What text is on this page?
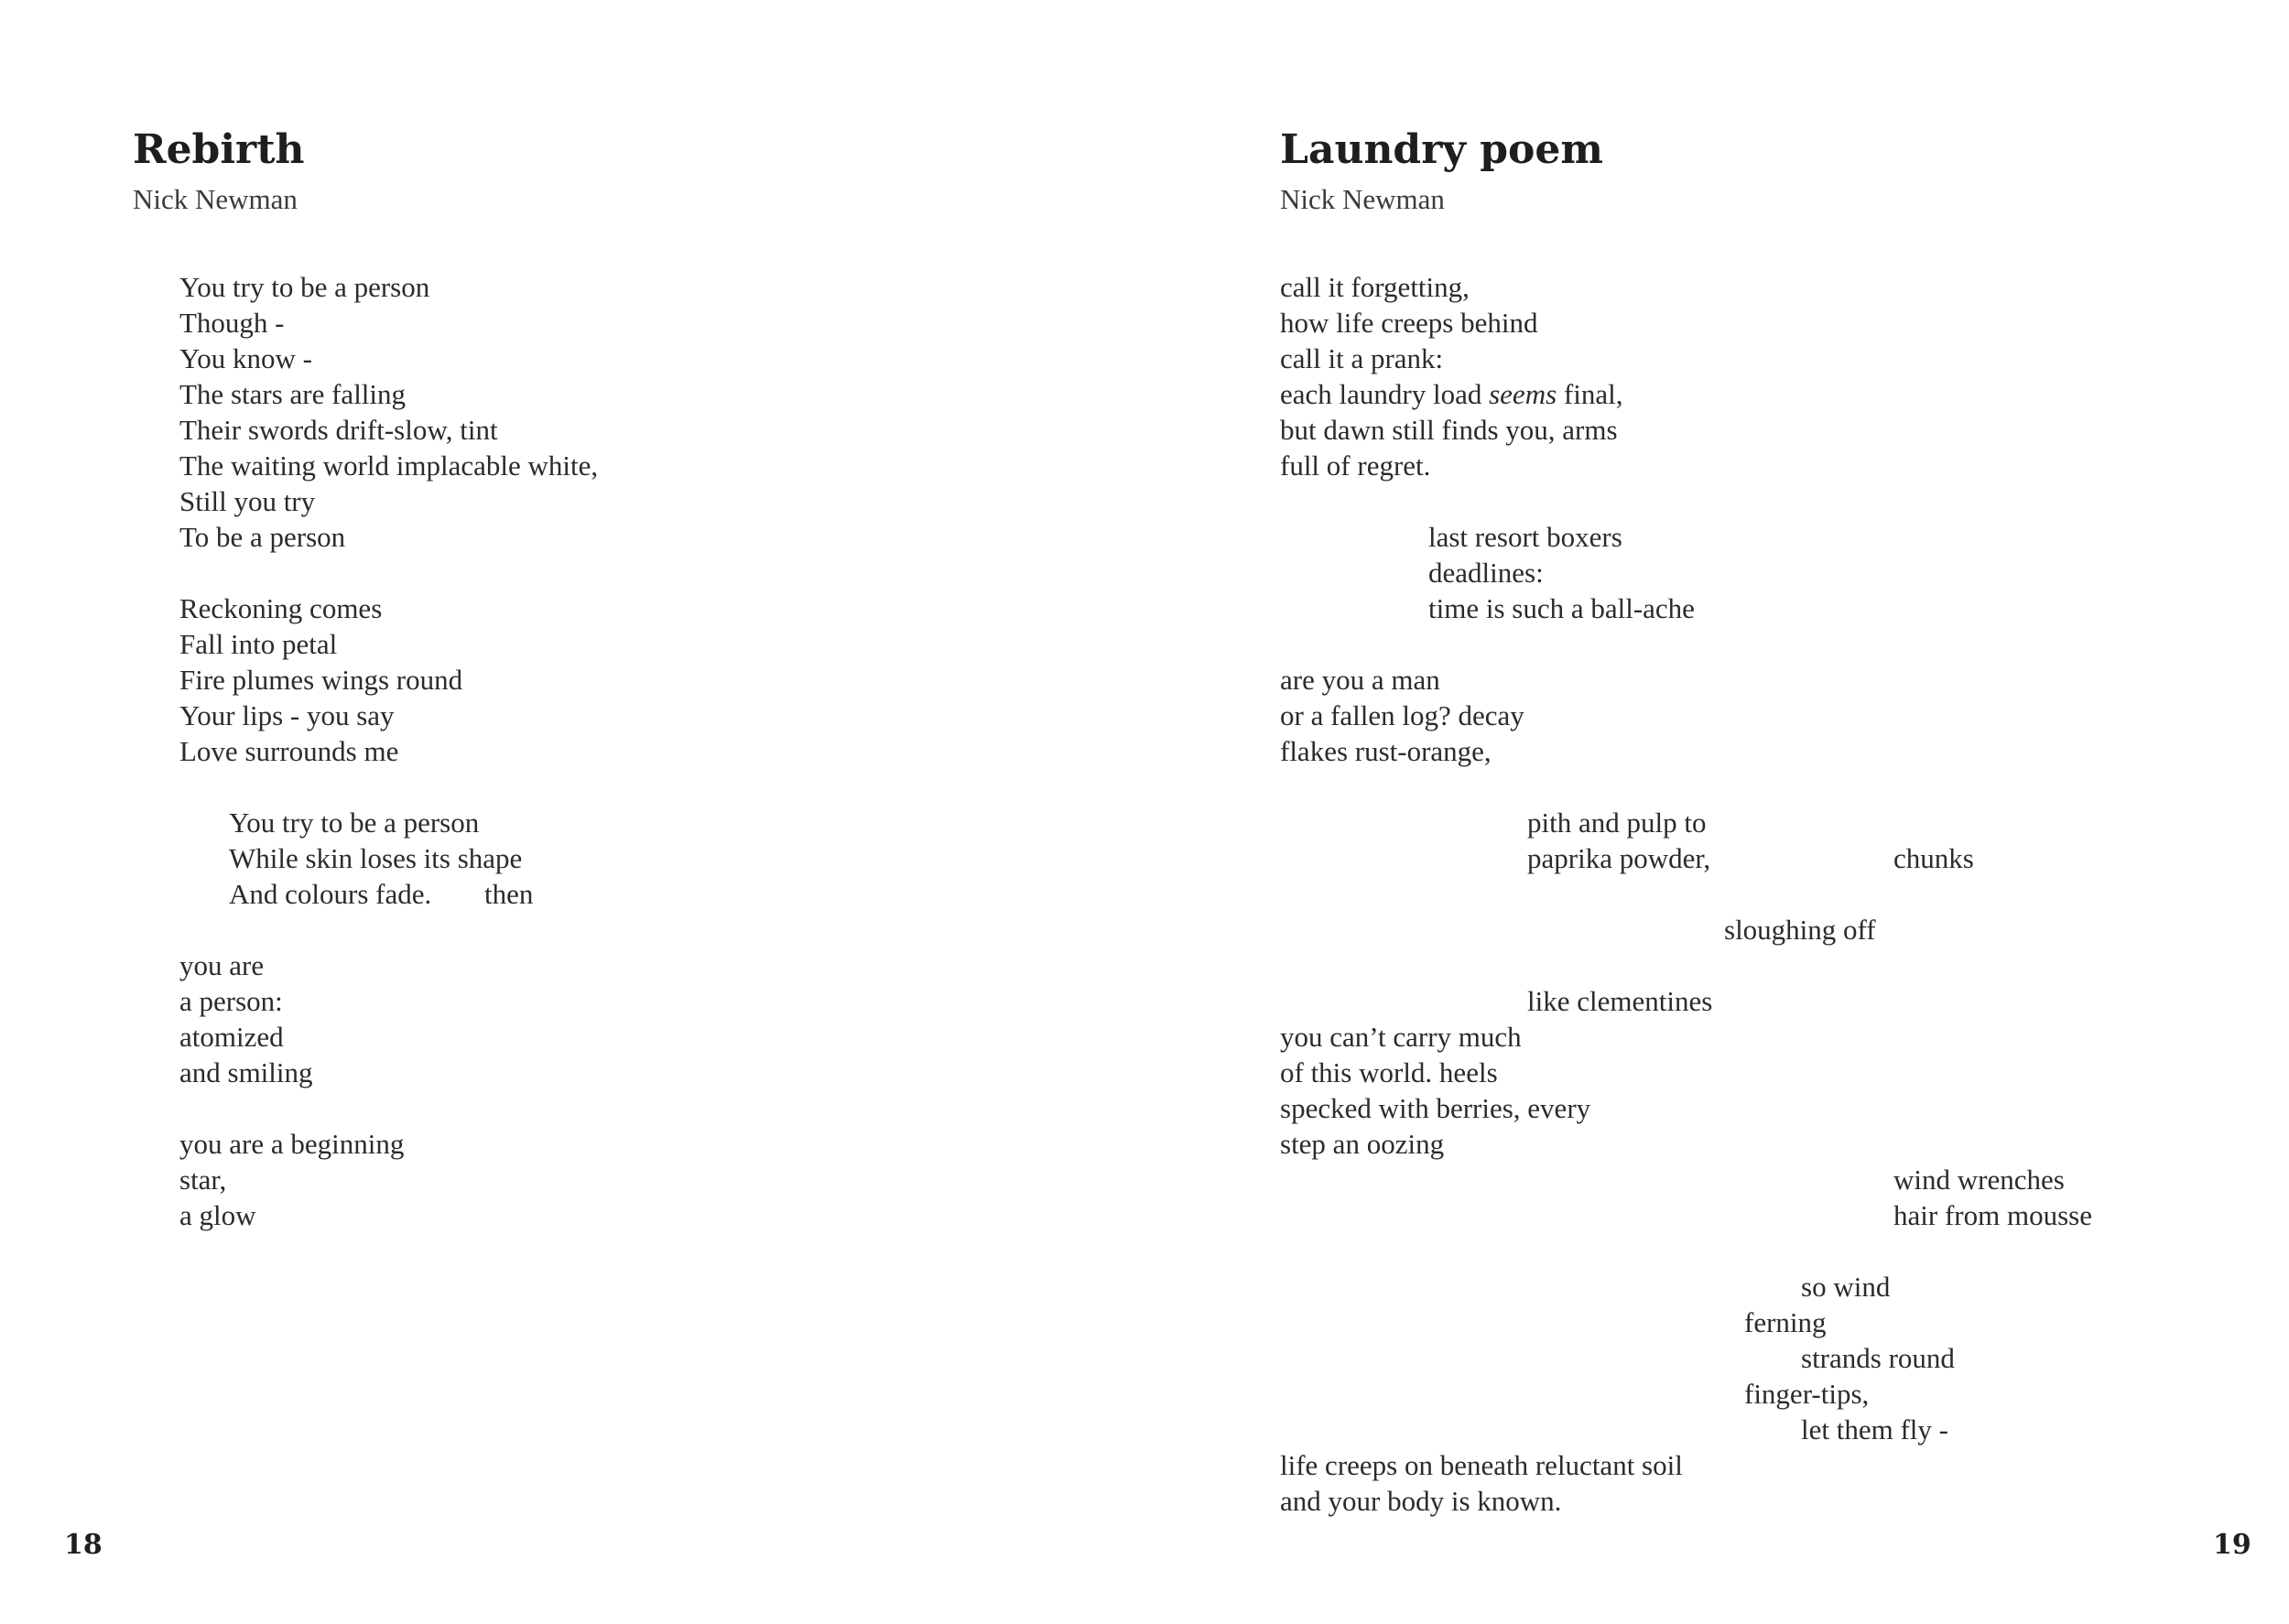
Rebirth
Nick Newman
You try to be a person
Though -
You know -
The stars are falling
Their swords drift-slow, tint
The waiting world implacable white,
Still you try
To be a person
Reckoning comes
Fall into petal
Fire plumes wings round
Your lips - you say
Love surrounds me
You try to be a person
While skin loses its shape
And colours fade. then
you are
a person:
atomized
and smiling
you are a beginning
star,
a glow
18
Laundry poem
Nick Newman
call it forgetting,
how life creeps behind
call it a prank:
each laundry load seems final,
but dawn still finds you, arms
full of regret.
last resort boxers
deadlines:
time is such a ball-ache
are you a man
or a fallen log? decay
flakes rust-orange,
pith and pulp to
paprika powder,	chunks
sloughing off
like clementines
you can’t carry much
of this world. heels
specked with berries, every
step an oozing
wind wrenches
hair from mousse
so wind
ferning
strands round
finger-tips,
let them fly -
life creeps on beneath reluctant soil
and your body is known.
19
